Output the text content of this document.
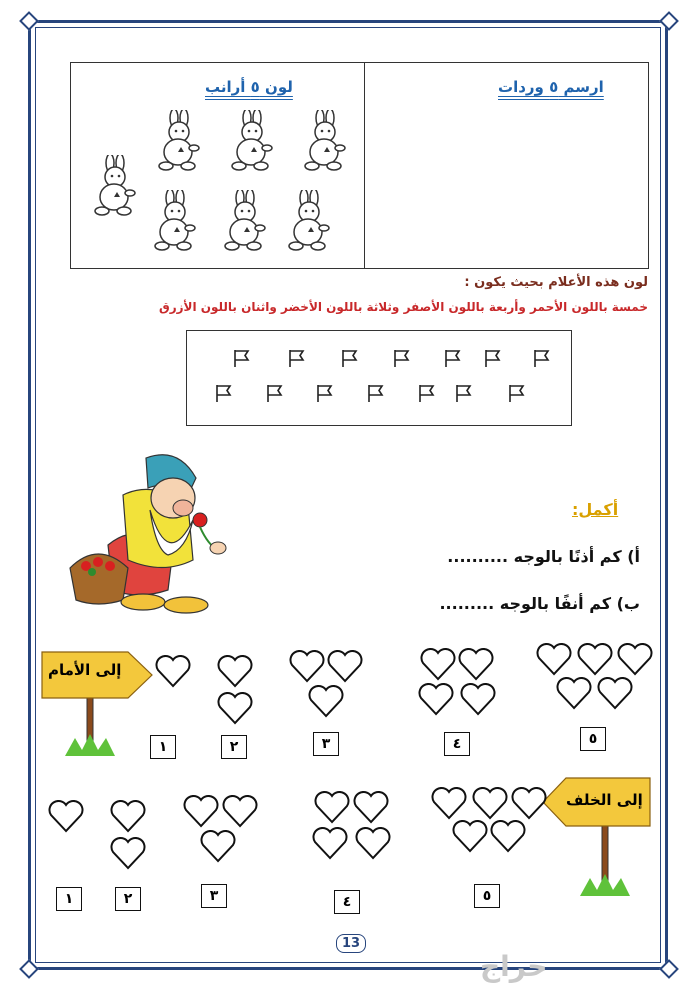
ارسم ٥ وردات
لون ٥ أرانب
لون هذه الأعلام بحيث يكون :
خمسة باللون الأحمر وأربعة باللون الأصفر وثلاثة باللون الأخضر واثنان باللون الأزرق
أكمل:
أ) كم أذنًا بالوجه ..........
ب) كم أنفًا بالوجه .........
إلى الأمام
إلى الخلف
١	٢	٣	٤	٥
١	٢	٣	٤	٥
13
حراج
